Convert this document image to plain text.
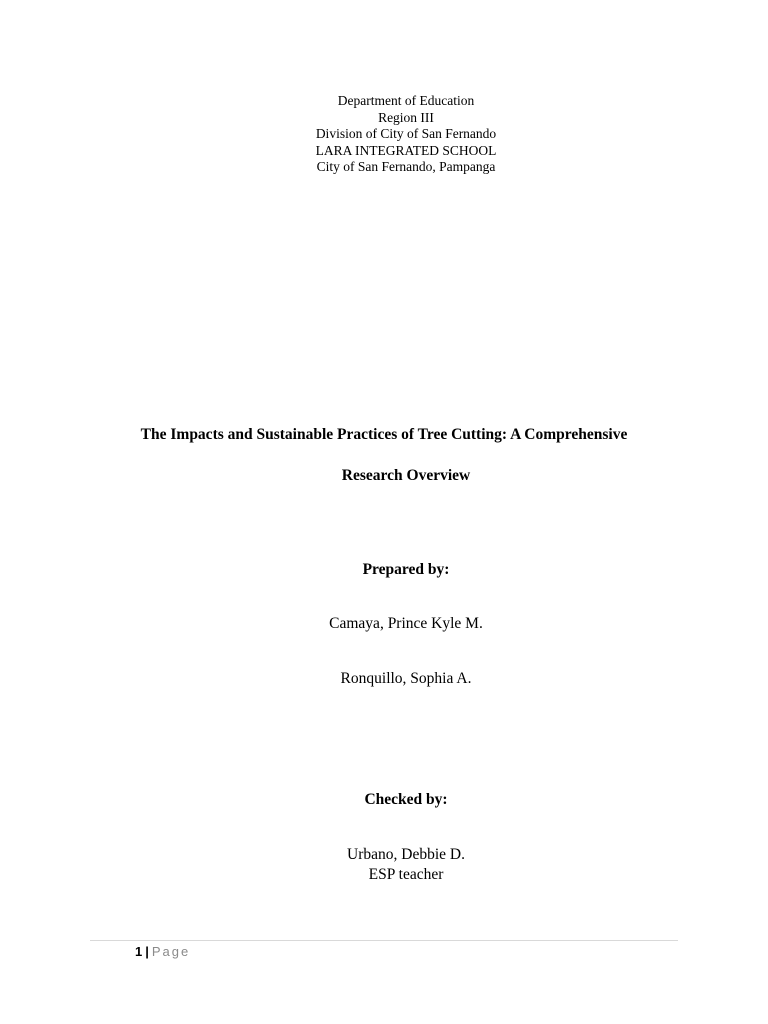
Department of Education
Region III
Division of City of San Fernando
LARA INTEGRATED SCHOOL
City of San Fernando, Pampanga
The Impacts and Sustainable Practices of Tree Cutting: A Comprehensive
Research Overview
Prepared by:
Camaya, Prince Kyle M.
Ronquillo, Sophia A.
Checked by:
Urbano, Debbie D.
ESP teacher
1 | Page
